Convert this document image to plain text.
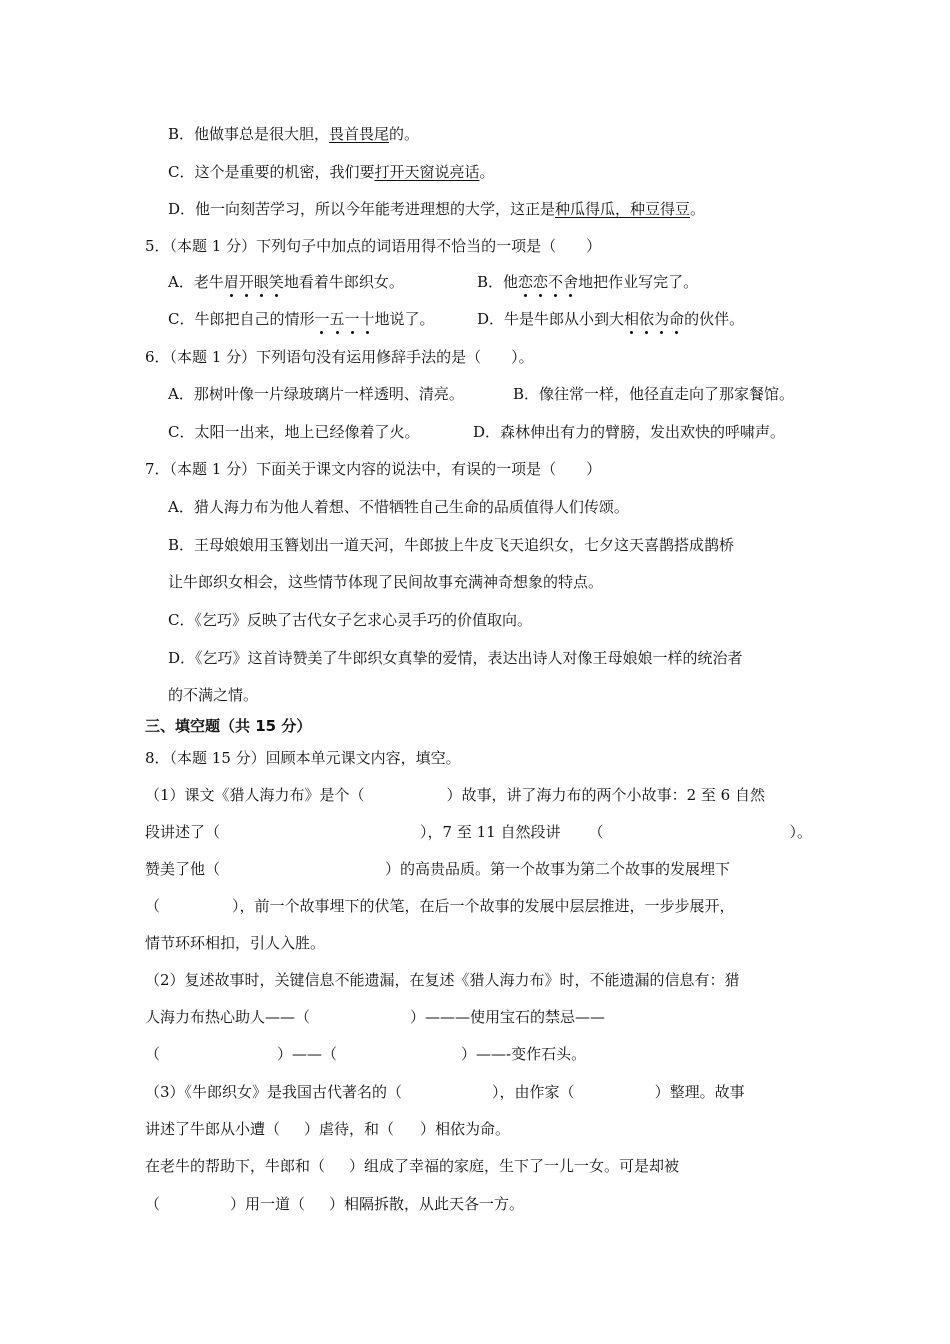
B．他做事总是很大胆，畏首畏尾的。
C．这个是重要的机密，我们要打开天窗说亮话。
D．他一向刻苦学习，所以今年能考进理想的大学，这正是种瓜得瓜，种豆得豆。
5．（本题 1 分）下列句子中加点的词语用得不恰当的一项是（　　）
A．老牛眉开眼笑地看着牛郎织女。	B．他恋恋不舍地把作业写完了。
C．牛郎把自己的情形一五一十地说了。	D．牛是牛郎从小到大相依为命的伙伴。
6．（本题 1 分）下列语句没有运用修辞手法的是（　　）。
A．那树叶像一片绿玻璃片一样透明、清亮。	B．像往常一样，他径直走向了那家餐馆。
C．太阳一出来，地上已经像着了火。	D．森林伸出有力的臂膀，发出欢快的呼啸声。
7．（本题 1 分）下面关于课文内容的说法中，有误的一项是（　　）
A．猎人海力布为他人着想、不惜牺牲自己生命的品质值得人们传颂。
B．王母娘娘用玉簪划出一道天河，牛郎披上牛皮飞天追织女，七夕这天喜鹊搭成鹊桥
让牛郎织女相会，这些情节体现了民间故事充满神奇想象的特点。
C．《乞巧》反映了古代女子乞求心灵手巧的价值取向。
D．《乞巧》这首诗赞美了牛郎织女真挚的爱情，表达出诗人对像王母娘娘一样的统治者
的不满之情。
三、填空题（共 15 分）
8．（本题 15 分）回顾本单元课文内容，填空。
（1）课文《猎人海力布》是个（	）故事，讲了海力布的两个小故事：2 至 6 自然
段讲述了（	），7 至 11 自然段讲 （	）。
赞美了他（	）的高贵品质。第一个故事为第二个故事的发展埋下
（	），前一个故事埋下的伏笔，在后一个故事的发展中层层推进，一步步展开，
情节环环相扣，引人入胜。
（2）复述故事时，关键信息不能遗漏，在复述《猎人海力布》时，不能遗漏的信息有：猎
人海力布热心助人——（	）———使用宝石的禁忌——
（	）——（	）——-变作石头。
（3）《牛郎织女》是我国古代著名的（	），由作家（	）整理。故事
讲述了牛郎从小遭（ ）虐待，和（ ）相依为命。
在老牛的帮助下，牛郎和（ ）组成了幸福的家庭，生下了一儿一女。可是却被
（	）用一道（ ）相隔拆散，从此天各一方。
